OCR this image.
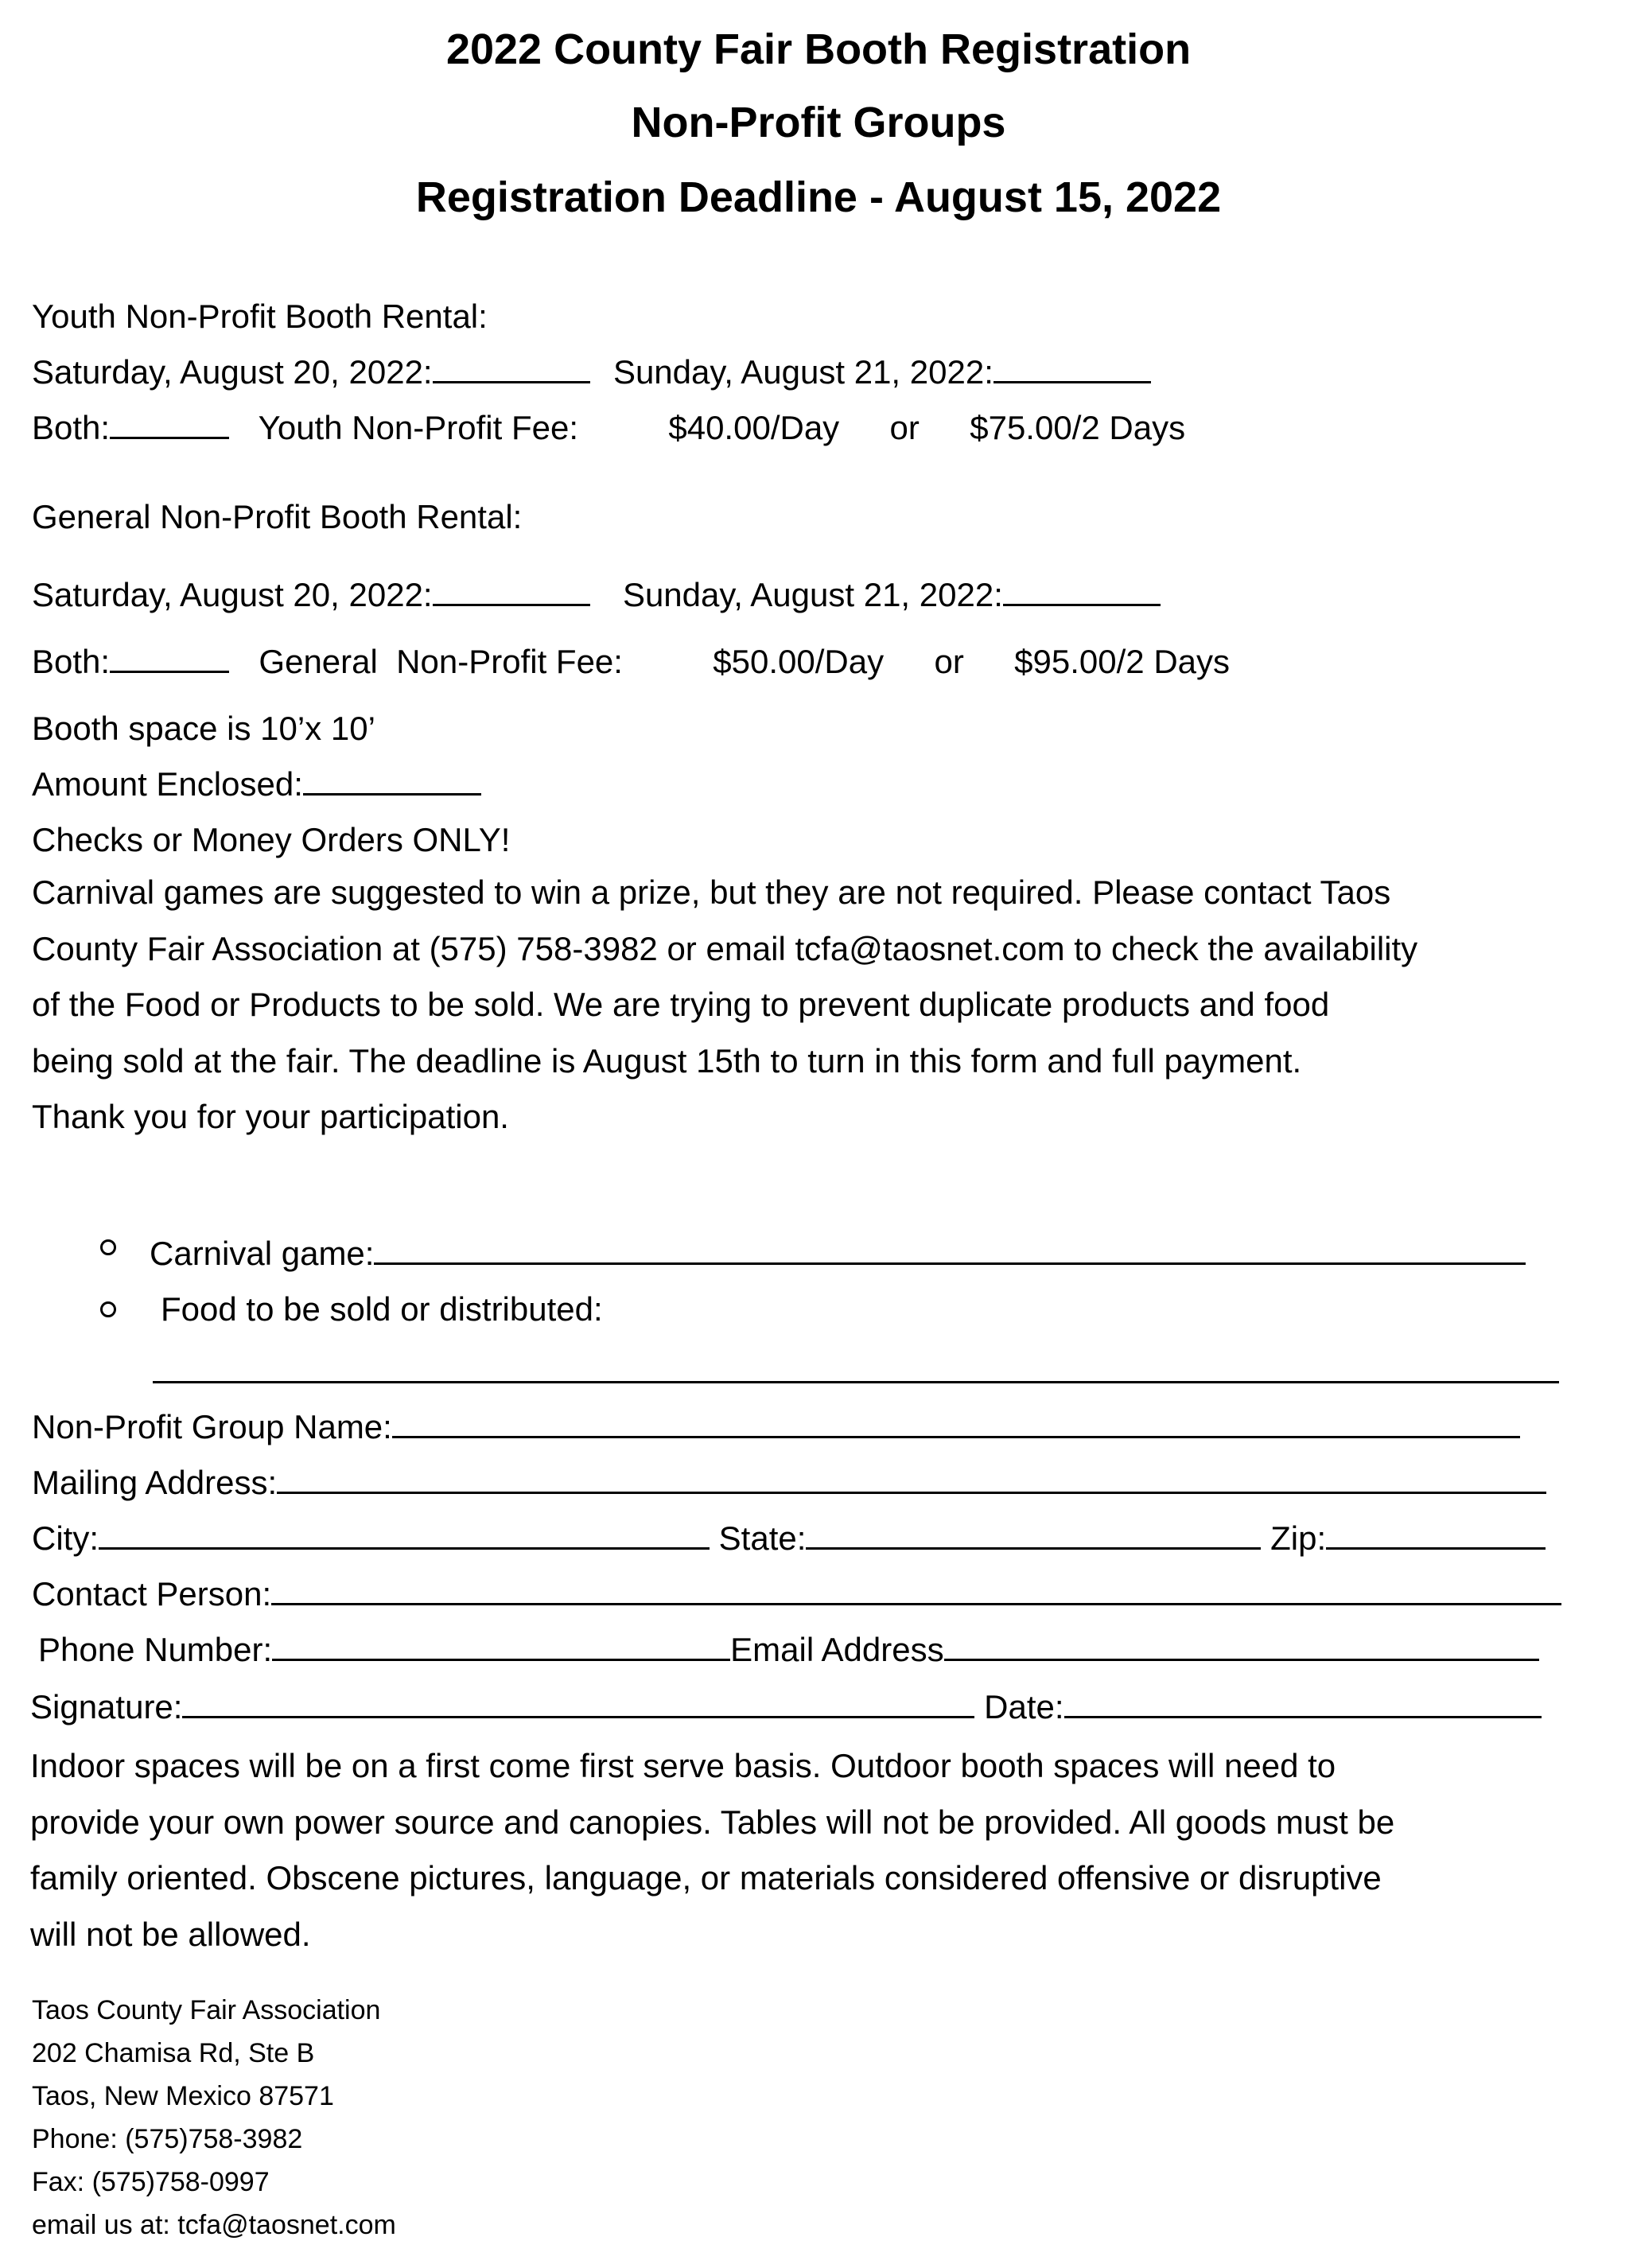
2022 County Fair Booth Registration
Non-Profit Groups
Registration Deadline - August 15, 2022
Youth Non-Profit Booth Rental:
Saturday, August 20, 2022:	Sunday, August 21, 2022:
Both:	Youth Non-Profit Fee:	$40.00/Day or $75.00/2 Days
General Non-Profit Booth Rental:
Saturday, August 20, 2022:	Sunday, August 21, 2022:
Both:	General  Non-Profit Fee:	$50.00/Day or $95.00/2 Days
Booth space is 10’x 10’
Amount Enclosed:
Checks or Money Orders ONLY!
Carnival games are suggested to win a prize, but they are not required. Please contact Taos
County Fair Association at (575) 758-3982 or email tcfa@taosnet.com to check the availability
of the Food or Products to be sold. We are trying to prevent duplicate products and food
being sold at the fair. The deadline is August 15th to turn in this form and full payment.
Thank you for your participation.
Carnival game:
Food to be sold or distributed:
Non-Profit Group Name:
Mailing Address:
City:	State:	Zip:
Contact Person:
Phone Number:	Email Address
Signature:	Date:
Indoor spaces will be on a first come first serve basis. Outdoor booth spaces will need to
provide your own power source and canopies. Tables will not be provided. All goods must be
family oriented. Obscene pictures, language, or materials considered offensive or disruptive
will not be allowed.
Taos County Fair Association
202 Chamisa Rd, Ste B
Taos, New Mexico 87571
Phone: (575)758-3982
Fax: (575)758-0997
email us at: tcfa@taosnet.com
